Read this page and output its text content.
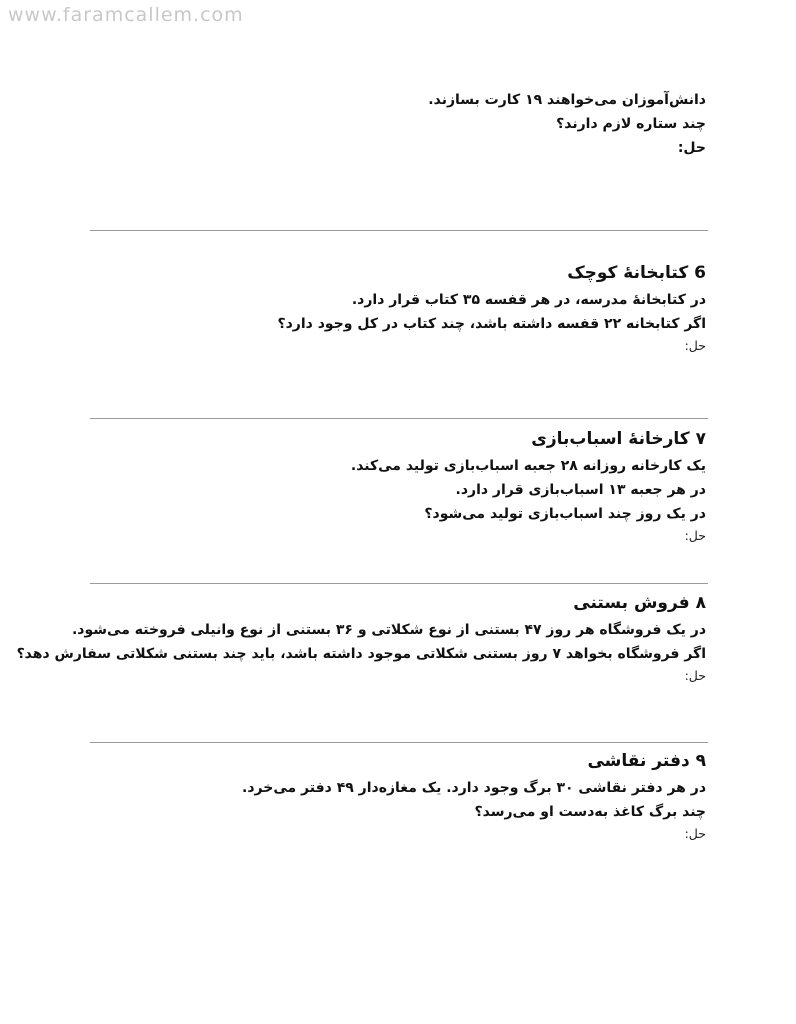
www.faramcallem.com
دانش‌آموزان می‌خواهند ۱۹ کارت بسازند.
چند ستاره لازم دارند؟
حل:
6 کتابخانهٔ کوچک
در کتابخانهٔ مدرسه، در هر قفسه ۳۵ کتاب قرار دارد.
اگر کتابخانه ۲۲ قفسه داشته باشد، چند کتاب در کل وجود دارد؟
حل:
۷ کارخانهٔ اسباب‌بازی
یک کارخانه روزانه ۲۸ جعبه اسباب‌بازی تولید می‌کند.
در هر جعبه ۱۳ اسباب‌بازی قرار دارد.
در یک روز چند اسباب‌بازی تولید می‌شود؟
حل:
۸ فروش بستنی
در یک فروشگاه هر روز ۴۷ بستنی از نوع شکلاتی و ۳۶ بستنی از نوع وانیلی فروخته می‌شود.
اگر فروشگاه بخواهد ۷ روز بستنی شکلاتی موجود داشته باشد، باید چند بستنی شکلاتی سفارش دهد؟
حل:
۹ دفتر نقاشی
در هر دفتر نقاشی ۳۰ برگ وجود دارد. یک مغازه‌دار ۴۹ دفتر می‌خرد.
چند برگ کاغذ به‌دست او می‌رسد؟
حل:
